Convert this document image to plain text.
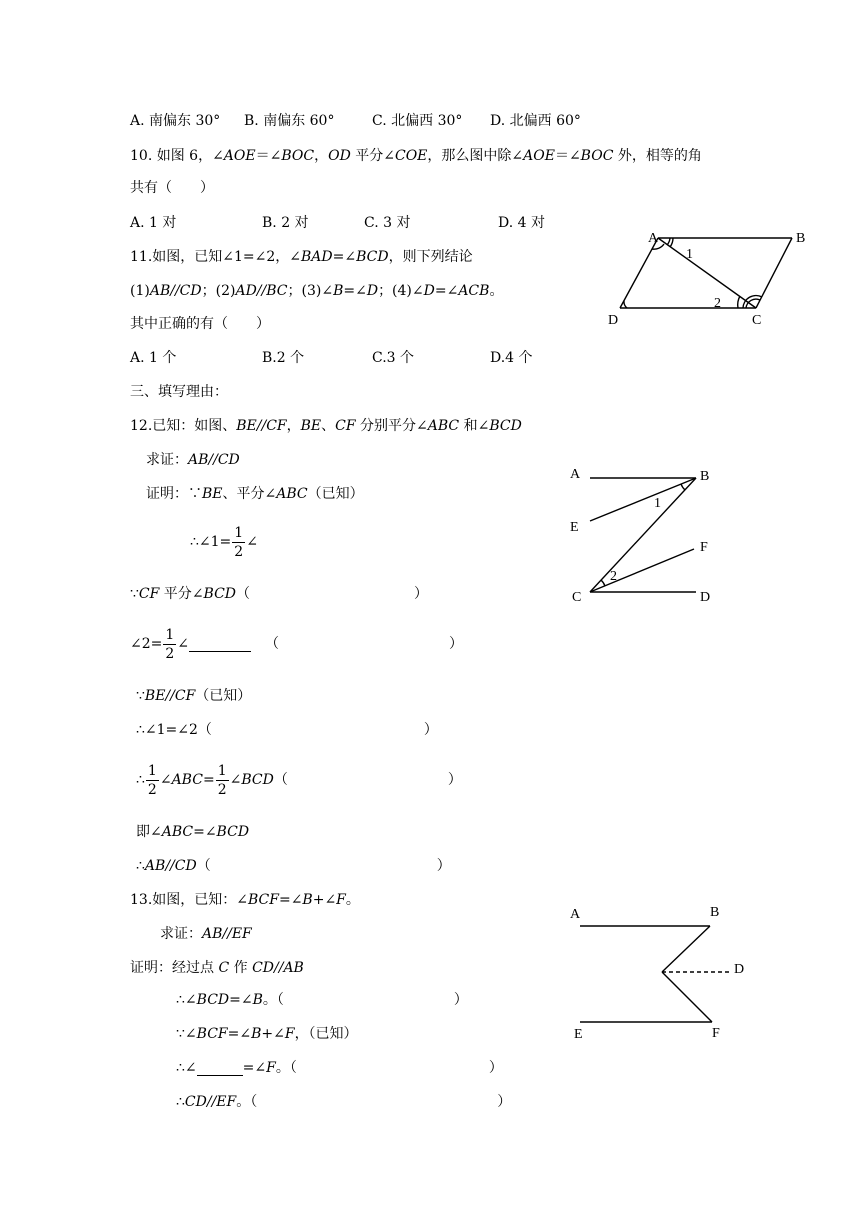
A. 南偏东 30° B. 南偏东 60°	C. 北偏西 30° D. 北偏西 60°
10. 如图 6，∠AOE＝∠BOC，OD 平分∠COE，那么图中除∠AOE＝∠BOC 外，相等的角
共有（　　）
A. 1 对	B. 2 对	C. 3 对	D. 4 对
11.如图，已知∠1=∠2，∠BAD=∠BCD，则下列结论
(1)AB//CD；(2)AD//BC；(3)∠B=∠D；(4)∠D=∠ACB。
其中正确的有（　　）
A. 1 个	B.2 个	C.3 个	D.4 个
A	B
C
D
1
2
三、填写理由：
12.已知：如图、BE//CF，BE、CF 分别平分∠ABC 和∠BCD
求证：AB//CD
证明：∵BE、平分∠ABC（已知）
∴∠1= $\frac{1}{2}$ ∠
∵CF 平分∠BCD（	）
∠2= $\frac{1}{2}$ ∠	（	）
∵BE//CF（已知）
∴∠1=∠2（	）
∴ $\frac{1}{2}$ ∠ABC= $\frac{1}{2}$ ∠BCD（	）
即∠ABC=∠BCD
∴AB//CD（	）
A	B
E
F
C	D
1
2
13.如图，已知：∠BCF=∠B+∠F。
求证：AB//EF
证明：经过点 C 作 CD//AB
∴∠BCD=∠B。（	）
∵∠BCF=∠B+∠F，（已知）
∴∠	=∠F。（	）
∴CD//EF。（	）
A	B
D
E	F
